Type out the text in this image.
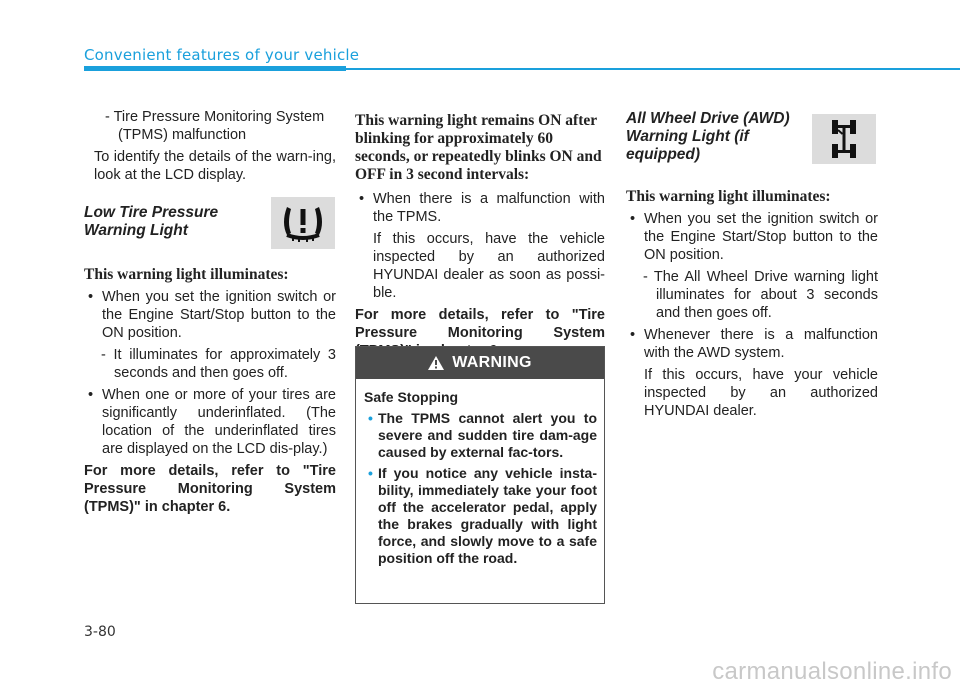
Convenient features of your vehicle

- Tire Pressure Monitoring System (TPMS) malfunction

To identify the details of the warn-ing, look at the LCD display.

Low Tire Pressure Warning Light

This warning light illuminates:

• When you set the ignition switch or the Engine Start/Stop button to the ON position.

- It illuminates for approximately 3 seconds and then goes off.

• When one or more of your tires are significantly underinflated. (The location of the underinflated tires are displayed on the LCD dis-play.)

For more details, refer to "Tire Pressure Monitoring System (TPMS)" in chapter 6.

This warning light remains ON after blinking for approximately 60 seconds, or repeatedly blinks ON and OFF in 3 second intervals:

• When there is a malfunction with the TPMS.

If this occurs, have the vehicle inspected by an authorized HYUNDAI dealer as soon as possi-ble.

For more details, refer to "Tire Pressure Monitoring System

WARNING

Safe Stopping

• The TPMS cannot alert you to severe and sudden tire dam-age caused by external fac-tors.

• If you notice any vehicle insta-bility, immediately take your foot off the accelerator pedal, apply the brakes gradually with light force, and slowly move to a safe position off the road.

All Wheel Drive (AWD) Warning Light (if equipped)

This warning light illuminates:

• When you set the ignition switch or the Engine Start/Stop button to the ON position.

- The All Wheel Drive warning light illuminates for about 3 seconds and then goes off.

• Whenever there is a malfunction with the AWD system.

If this occurs, have your vehicle inspected by an authorized HYUNDAI dealer.

3-80
carmanualsonline.info
